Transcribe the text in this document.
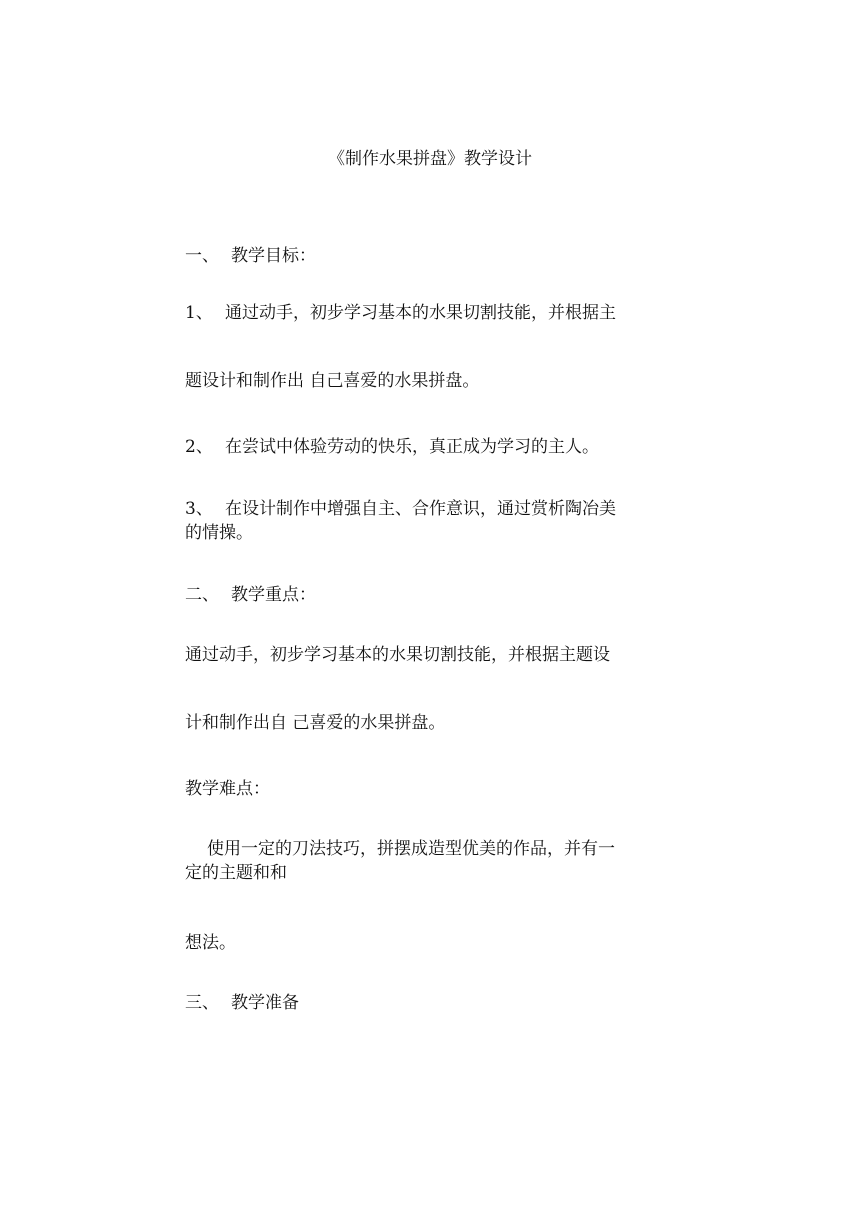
《制作水果拼盘》教学设计
一、 教学目标：
1、 通过动手，初步学习基本的水果切割技能，并根据主
题设计和制作出 自己喜爱的水果拼盘。
2、 在尝试中体验劳动的快乐，真正成为学习的主人。
3、 在设计制作中增强自主、合作意识，通过赏析陶冶美
的情操。
二、 教学重点：
通过动手，初步学习基本的水果切割技能，并根据主题设
计和制作出自 己喜爱的水果拼盘。
教学难点：
使用一定的刀法技巧，拼摆成造型优美的作品，并有一
定的主题和和
想法。
三、 教学准备
